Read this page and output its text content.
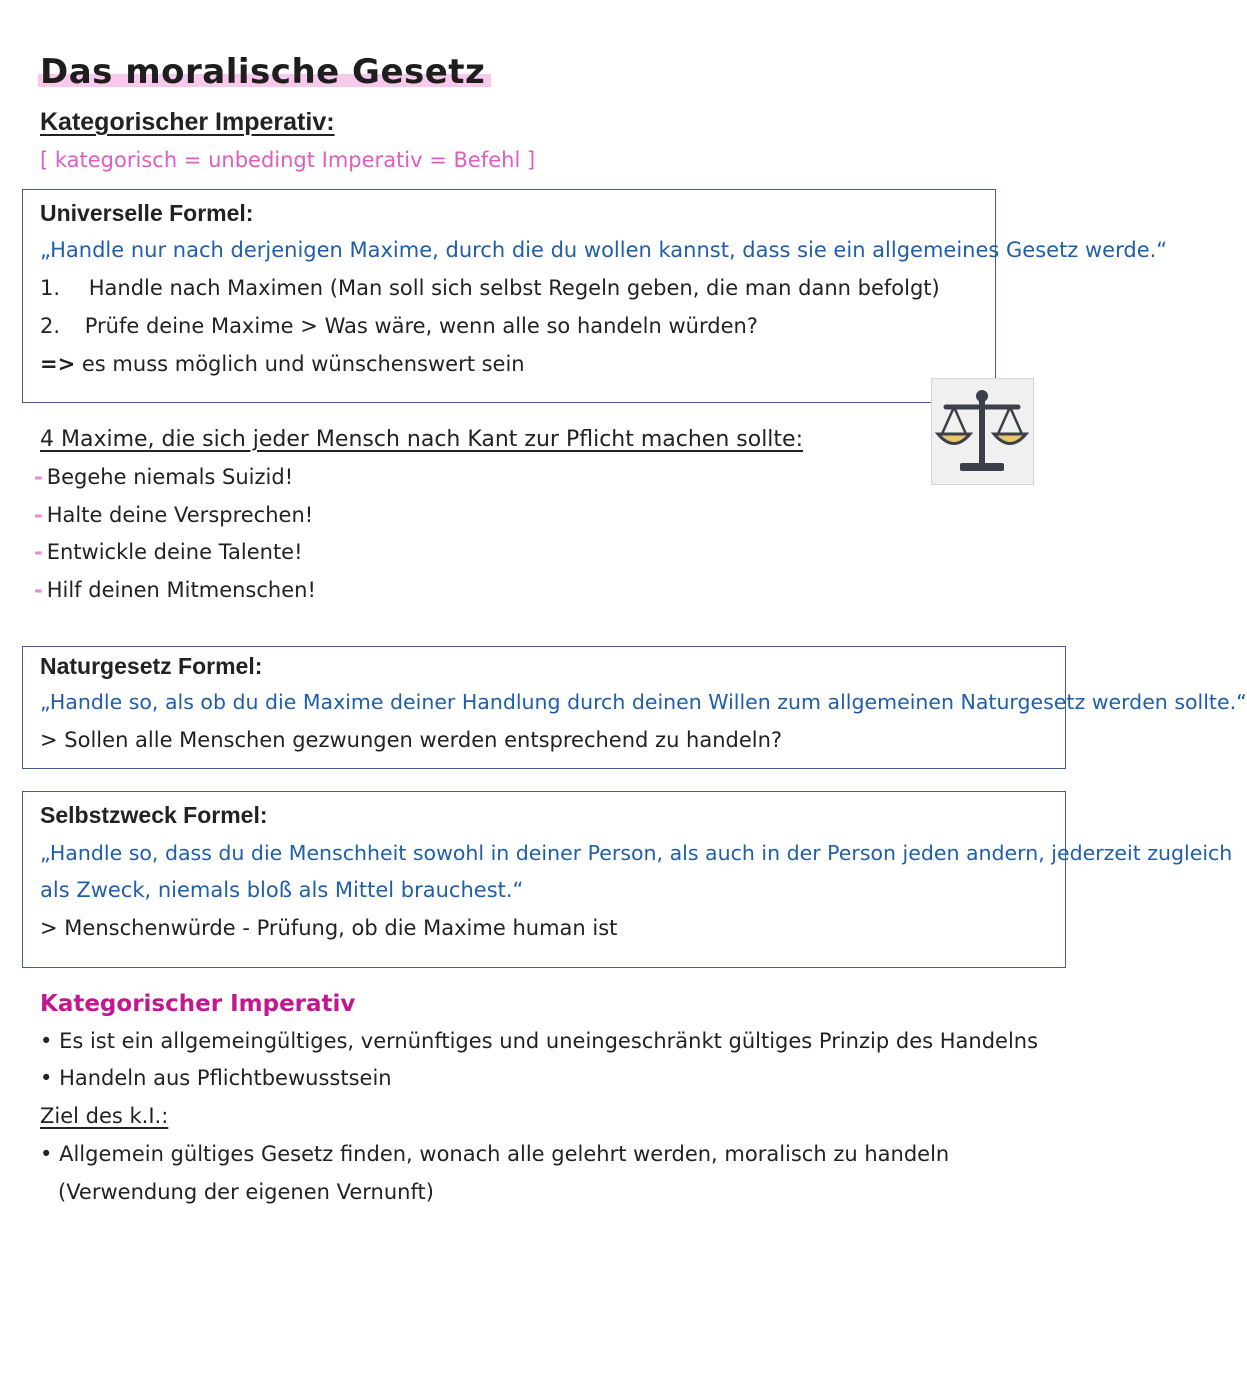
Das moralische Gesetz
Kategorischer Imperativ:
[ kategorisch = unbedingt Imperativ = Befehl ]
Universelle Formel:
„Handle nur nach derjenigen Maxime, durch die du wollen kannst, dass sie ein allgemeines Gesetz werde.“
1. Handle nach Maximen (Man soll sich selbst Regeln geben, die man dann befolgt)
2. Prüfe deine Maxime > Was wäre, wenn alle so handeln würden?
=> es muss möglich und wünschenswert sein
4 Maxime, die sich jeder Mensch nach Kant zur Pflicht machen sollte:
- Begehe niemals Suizid!
- Halte deine Versprechen!
- Entwickle deine Talente!
- Hilf deinen Mitmenschen!
Naturgesetz Formel:
„Handle so, als ob du die Maxime deiner Handlung durch deinen Willen zum allgemeinen Naturgesetz werden sollte.“
> Sollen alle Menschen gezwungen werden entsprechend zu handeln?
Selbstzweck Formel:
„Handle so, dass du die Menschheit sowohl in deiner Person, als auch in der Person jeden andern, jederzeit zugleich
als Zweck, niemals bloß als Mittel brauchest.“
> Menschenwürde - Prüfung, ob die Maxime human ist
Kategorischer Imperativ
• Es ist ein allgemeingültiges, vernünftiges und uneingeschränkt gültiges Prinzip des Handelns
• Handeln aus Pflichtbewusstsein
Ziel des k.I.:
• Allgemein gültiges Gesetz finden, wonach alle gelehrt werden, moralisch zu handeln
(Verwendung der eigenen Vernunft)
